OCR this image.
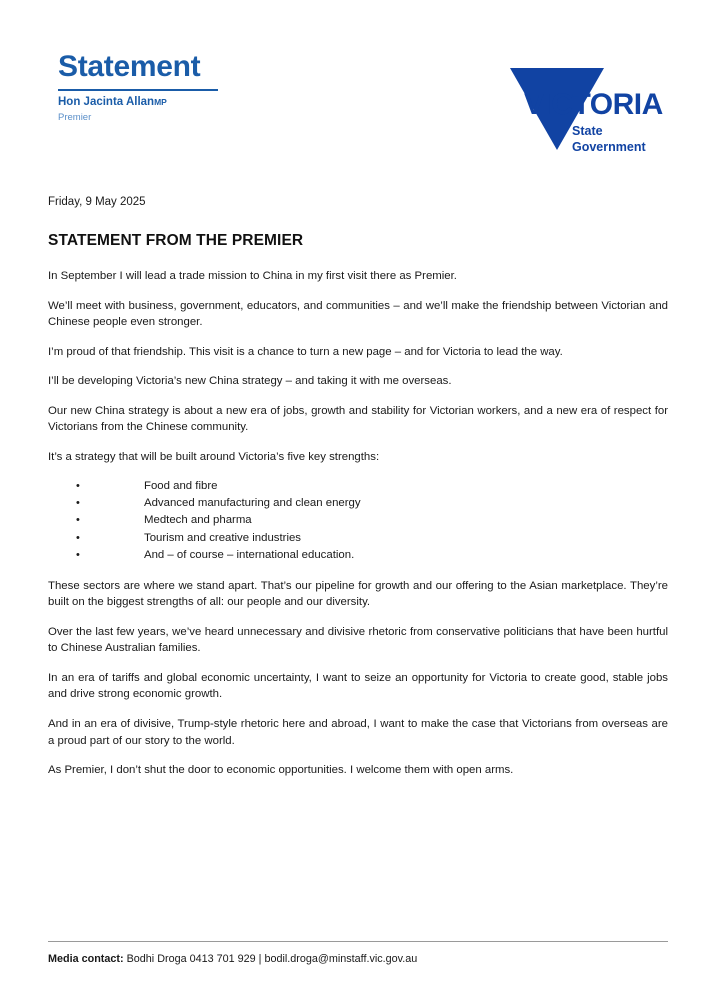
Statement
Hon Jacinta AllanMP
Premier	VICTORIA
State
Government
Friday, 9 May 2025
STATEMENT FROM THE PREMIER

In September I will lead a trade mission to China in my first visit there as Premier.

We’ll meet with business, government, educators, and communities – and we’ll make the friendship between Victorian and Chinese people even stronger.

I’m proud of that friendship. This visit is a chance to turn a new page – and for Victoria to lead the way.

I’ll be developing Victoria’s new China strategy – and taking it with me overseas.

Our new China strategy is about a new era of jobs, growth and stability for Victorian workers, and a new era of respect for Victorians from the Chinese community.

It’s a strategy that will be built around Victoria’s five key strengths:

• Food and fibre
• Advanced manufacturing and clean energy
• Medtech and pharma
• Tourism and creative industries
• And – of course – international education.

These sectors are where we stand apart. That’s our pipeline for growth and our offering to the Asian marketplace. They’re built on the biggest strengths of all: our people and our diversity.

Over the last few years, we’ve heard unnecessary and divisive rhetoric from conservative politicians that have been hurtful to Chinese Australian families.

In an era of tariffs and global economic uncertainty, I want to seize an opportunity for Victoria to create good, stable jobs and drive strong economic growth.

And in an era of divisive, Trump-style rhetoric here and abroad, I want to make the case that Victorians from overseas are a proud part of our story to the world.

As Premier, I don’t shut the door to economic opportunities. I welcome them with open arms.

Media contact: Bodhi Droga 0413 701 929 | bodil.droga@minstaff.vic.gov.au
